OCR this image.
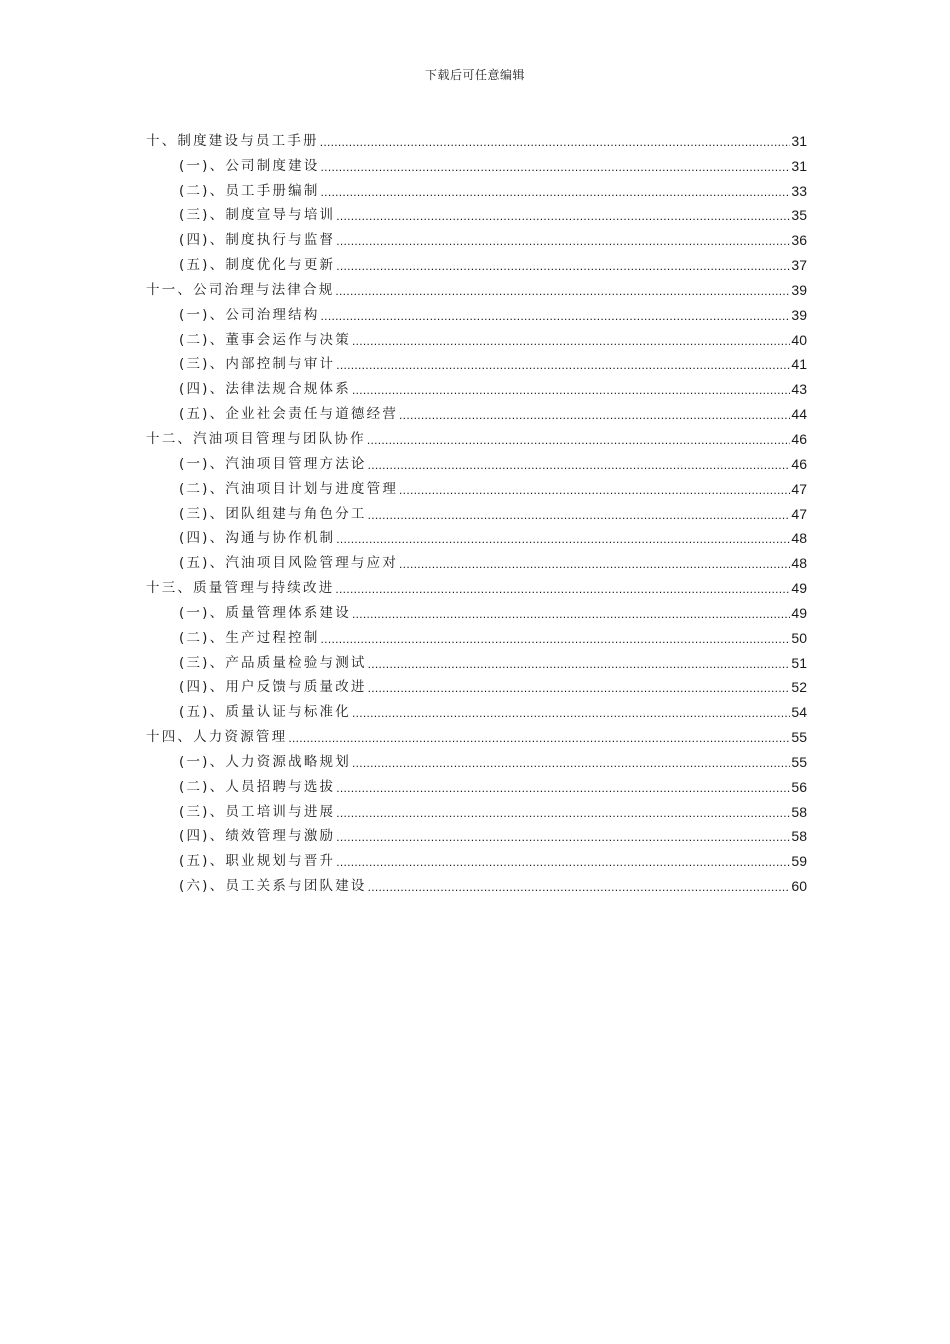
下载后可任意编辑
十、制度建设与员工手册 .....	31
(一)、公司制度建设 .....	31
(二)、员工手册编制 .....	33
(三)、制度宣导与培训 .....	35
(四)、制度执行与监督 .....	36
(五)、制度优化与更新 .....	37
十一、公司治理与法律合规 .....	39
(一)、公司治理结构 .....	39
(二)、董事会运作与决策 .....	40
(三)、内部控制与审计 .....	41
(四)、法律法规合规体系 .....	43
(五)、企业社会责任与道德经营 .....	44
十二、汽油项目管理与团队协作 .....	46
(一)、汽油项目管理方法论 .....	46
(二)、汽油项目计划与进度管理 .....	47
(三)、团队组建与角色分工 .....	47
(四)、沟通与协作机制 .....	48
(五)、汽油项目风险管理与应对 .....	48
十三、质量管理与持续改进 .....	49
(一)、质量管理体系建设 .....	49
(二)、生产过程控制 .....	50
(三)、产品质量检验与测试 .....	51
(四)、用户反馈与质量改进 .....	52
(五)、质量认证与标准化 .....	54
十四、人力资源管理 .....	55
(一)、人力资源战略规划 .....	55
(二)、人员招聘与选拔 .....	56
(三)、员工培训与进展 .....	58
(四)、绩效管理与激励 .....	58
(五)、职业规划与晋升 .....	59
(六)、员工关系与团队建设 .....	60
